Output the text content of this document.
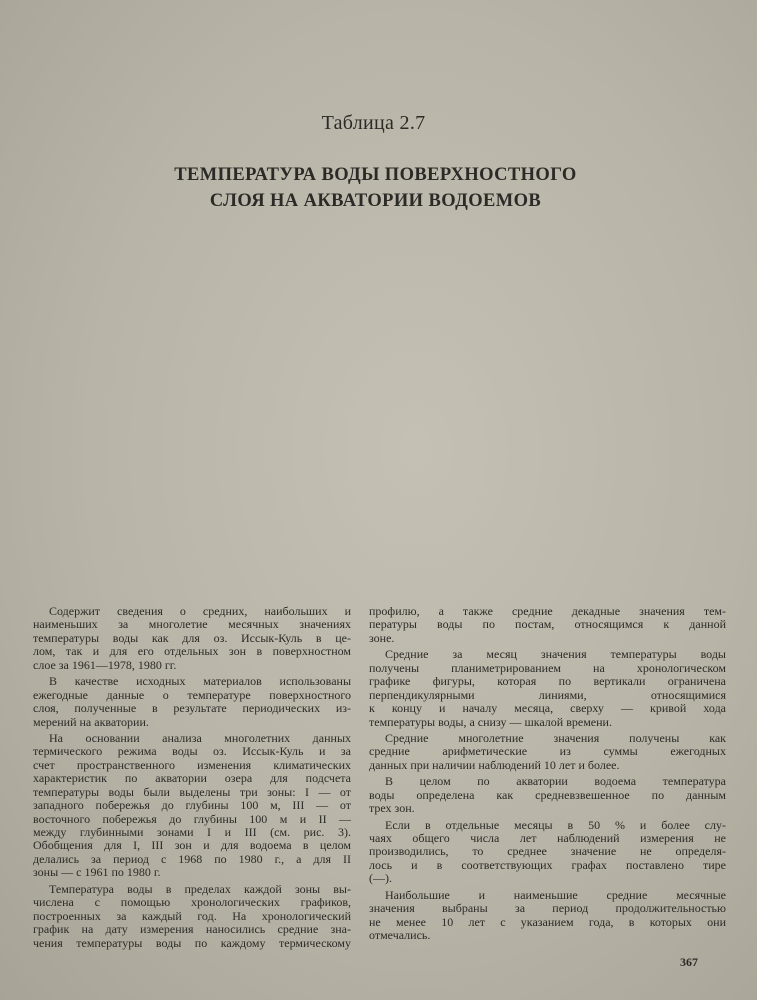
Таблица 2.7
ТЕМПЕРАТУРА ВОДЫ ПОВЕРХНОСТНОГО
СЛОЯ НА АКВАТОРИИ ВОДОЕМОВ
Содержит сведения о средних, наибольших и
наименьших за многолетие месячных значениях
температуры воды как для оз. Иссык-Куль в це-
лом, так и для его отдельных зон в поверхностном
слое за 1961—1978, 1980 гг.
В качестве исходных материалов использованы
ежегодные данные о температуре поверхностного
слоя, полученные в результате периодических из-
мерений на акватории.
На основании анализа многолетних данных
термического режима воды оз. Иссык-Куль и за
счет пространственного изменения климатических
характеристик по акватории озера для подсчета
температуры воды были выделены три зоны: I — от
западного побережья до глубины 100 м, III — от
восточного побережья до глубины 100 м и II —
между глубинными зонами I и III (см. рис. 3).
Обобщения для I, III зон и для водоема в целом
делались за период с 1968 по 1980 г., а для II
зоны — с 1961 по 1980 г.
Температура воды в пределах каждой зоны вы-
числена с помощью хронологических графиков,
построенных за каждый год. На хронологический
график на дату измерения наносились средние зна-
чения температуры воды по каждому термическому
профилю, а также средние декадные значения тем-
пературы воды по постам, относящимся к данной
зоне.
Средние за месяц значения температуры воды
получены планиметрированием на хронологическом
графике фигуры, которая по вертикали ограничена
перпендикулярными линиями, относящимися
к концу и началу месяца, сверху — кривой хода
температуры воды, а снизу — шкалой времени.
Средние многолетние значения получены как
средние арифметические из суммы ежегодных
данных при наличии наблюдений 10 лет и более.
В целом по акватории водоема температура
воды определена как средневзвешенное по данным
трех зон.
Если в отдельные месяцы в 50 % и более слу-
чаях общего числа лет наблюдений измерения не
производились, то среднее значение не определя-
лось и в соответствующих графах поставлено тире
(—).
Наибольшие и наименьшие средние месячные
значения выбраны за период продолжительностью
не менее 10 лет с указанием года, в которых они
отмечались.
367
